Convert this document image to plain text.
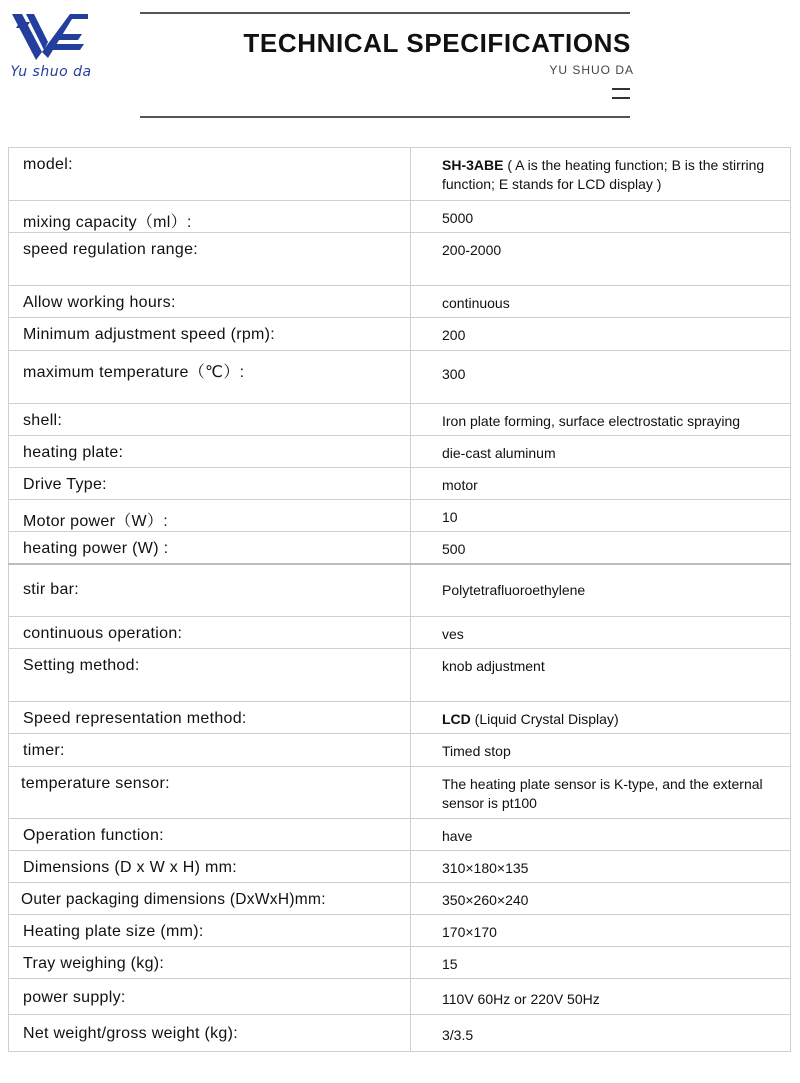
Yu shuo da
TECHNICAL SPECIFICATIONS
YU SHUO DA
model:	SH-3ABE ( A is the heating function; B is the stirring function; E stands for LCD display )
mixing capacity（ml）:	5000
speed regulation range:	200-2000
Allow working hours:	continuous
Minimum adjustment speed (rpm):	200
maximum temperature（℃）:	300
shell:	Iron plate forming, surface electrostatic spraying
heating plate:	die-cast aluminum
Drive Type:	motor
Motor power（W）:	10
heating power (W) :	500
stir bar:	Polytetrafluoroethylene
continuous operation:	ves
Setting method:	knob adjustment
Speed representation method:	LCD (Liquid Crystal Display)
timer:	Timed stop
temperature sensor:	The heating plate sensor is K-type, and the external sensor is pt100
Operation function:	have
Dimensions (D x W x H) mm:	310×180×135
Outer packaging dimensions (DxWxH)mm:	350×260×240
Heating plate size (mm):	170×170
Tray weighing (kg):	15
power supply:	110V 60Hz or 220V 50Hz
Net weight/gross weight (kg):	3/3.5
